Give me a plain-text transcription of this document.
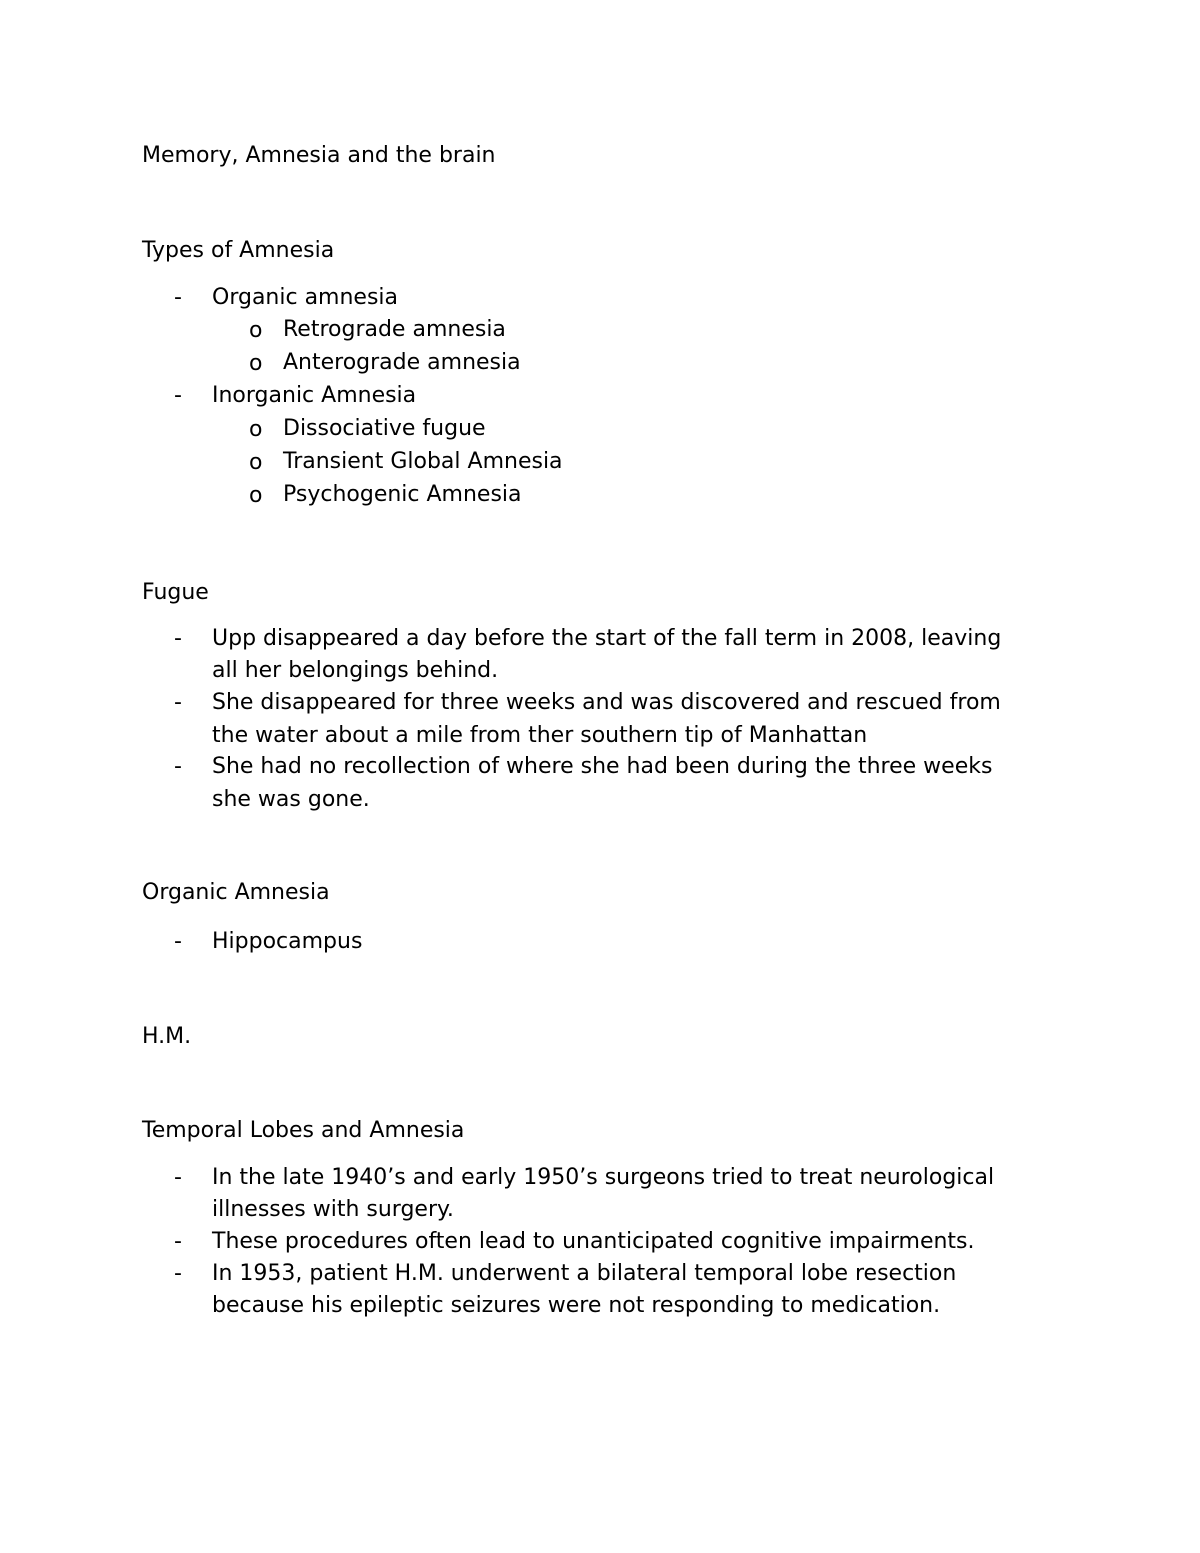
Memory, Amnesia and the brain
Types of Amnesia
- Organic amnesia
o Retrograde amnesia
o Anterograde amnesia
- Inorganic Amnesia
o Dissociative fugue
o Transient Global Amnesia
o Psychogenic Amnesia
Fugue
- Upp disappeared a day before the start of the fall term in 2008, leaving
all her belongings behind.
- She disappeared for three weeks and was discovered and rescued from
the water about a mile from ther southern tip of Manhattan
- She had no recollection of where she had been during the three weeks
she was gone.
Organic Amnesia
- Hippocampus
H.M.
Temporal Lobes and Amnesia
- In the late 1940’s and early 1950’s surgeons tried to treat neurological
illnesses with surgery.
- These procedures often lead to unanticipated cognitive impairments.
- In 1953, patient H.M. underwent a bilateral temporal lobe resection
because his epileptic seizures were not responding to medication.
